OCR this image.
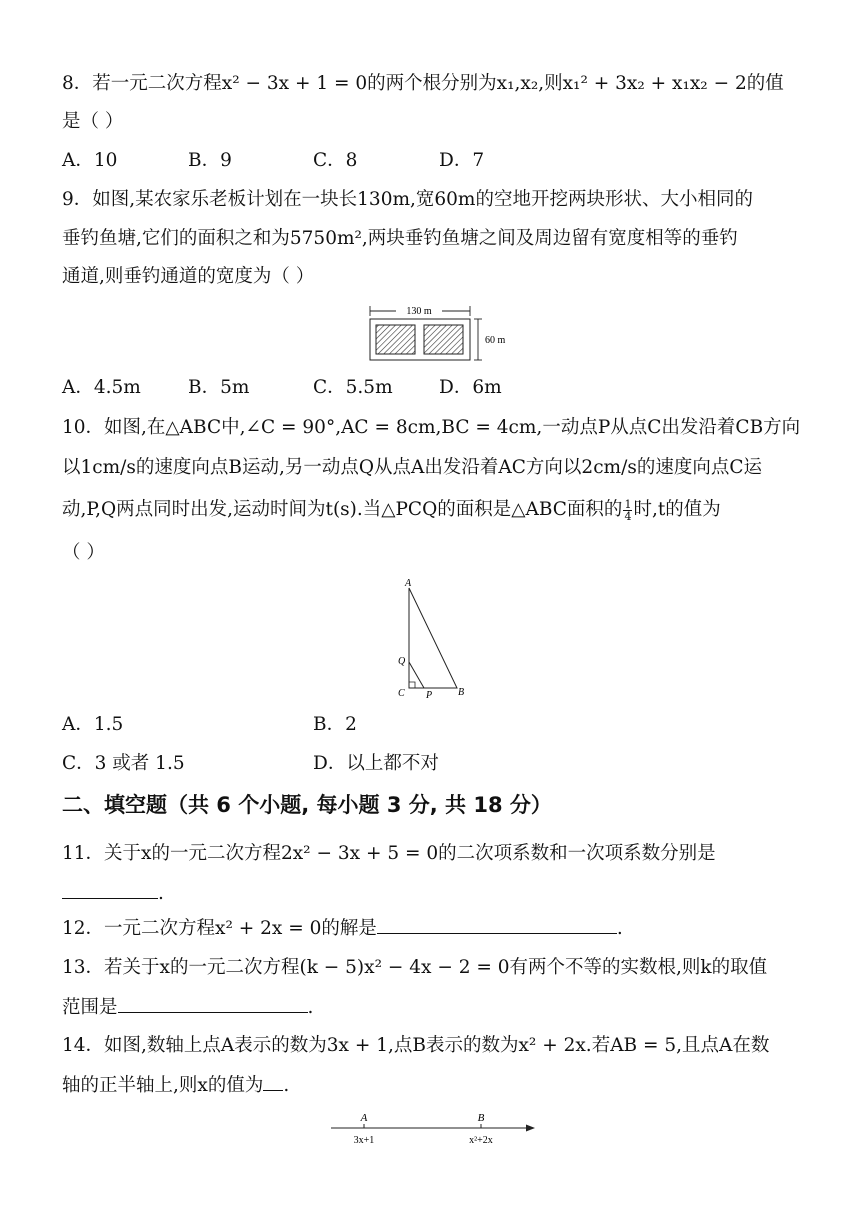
8．若一元二次方程x² − 3x + 1 = 0的两个根分别为x₁,x₂,则x₁² + 3x₂ + x₁x₂ − 2的值
是（ ）
A．10	B．9	C．8	D．7
9．如图,某农家乐老板计划在一块长130m,宽60m的空地开挖两块形状、大小相同的
垂钓鱼塘,它们的面积之和为5750m²,两块垂钓鱼塘之间及周边留有宽度相等的垂钓
通道,则垂钓通道的宽度为（ ）
130 m
60 m
A．4.5m	B．5m	C．5.5m	D．6m
10．如图,在△ABC中,∠C = 90°,AC = 8cm,BC = 4cm,一动点P从点C出发沿着CB方向
以1cm/s的速度向点B运动,另一动点Q从点A出发沿着AC方向以2cm/s的速度向点C运
动,P,Q两点同时出发,运动时间为t(s).当△PCQ的面积是△ABC面积的 $\frac{1}{4}$ 时,t的值为
（ ）
A
Q
C P	B
A．1.5	B．2
C．3 或者 1.5	D．以上都不对
二、填空题（共 6 个小题, 每小题 3 分, 共 18 分）
11．关于x的一元二次方程2x² − 3x + 5 = 0的二次项系数和一次项系数分别是
.
12．一元二次方程x² + 2x = 0的解是	.
13．若关于x的一元二次方程(k − 5)x² − 4x − 2 = 0有两个不等的实数根,则k的取值
范围是	.
14．如图,数轴上点A表示的数为3x + 1,点B表示的数为x² + 2x.若AB = 5,且点A在数
轴的正半轴上,则x的值为 .
A	B
3x+1	x²+2x
